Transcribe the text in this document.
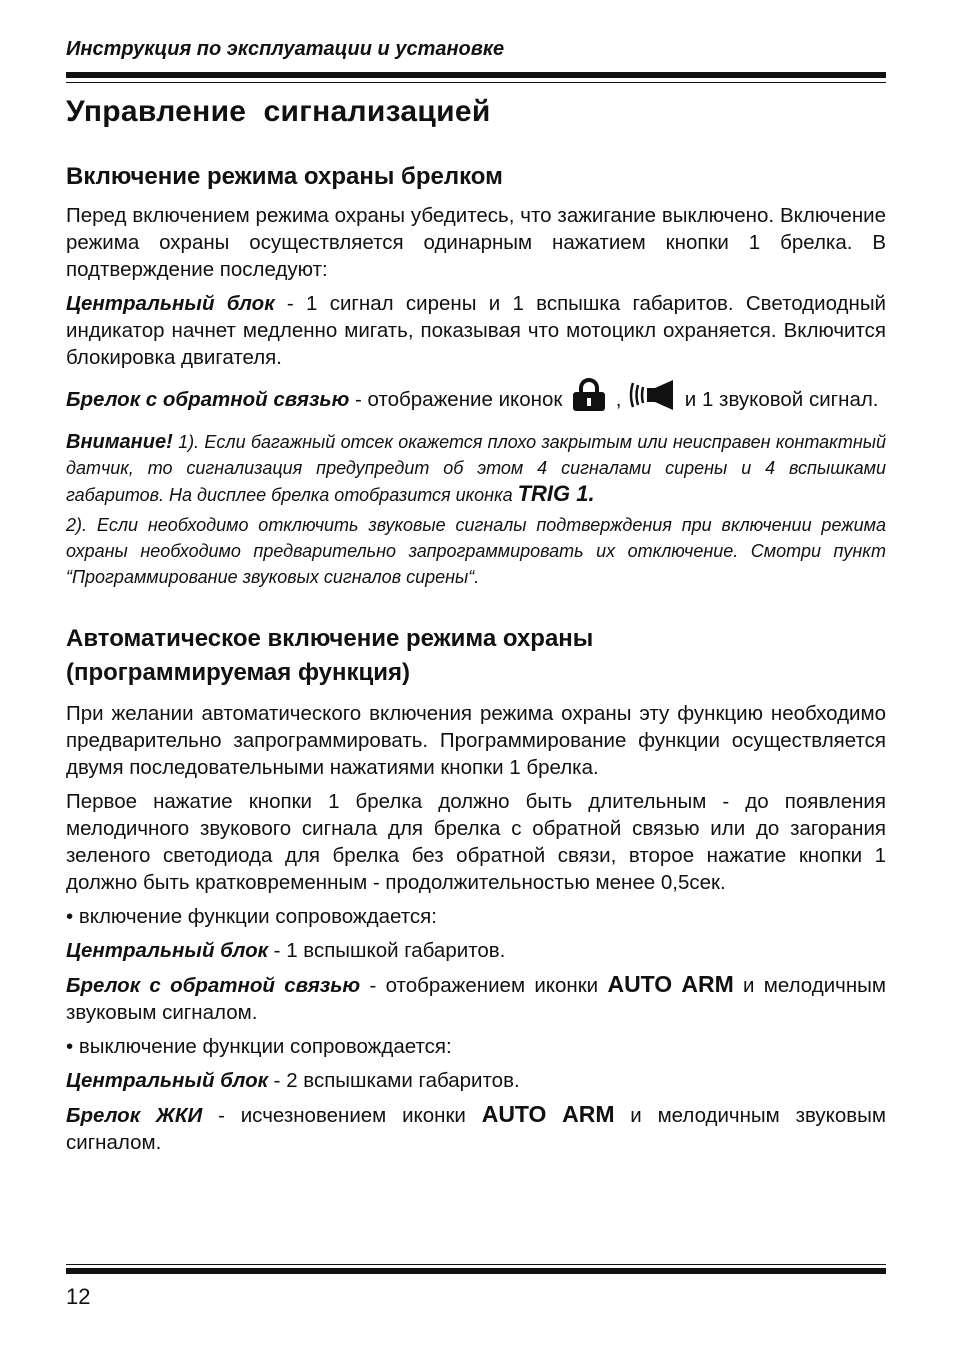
Инструкция по эксплуатации и установке
Управление  сигнализацией
Включение режима охраны брелком

Перед включением режима охраны убедитесь, что зажигание выключено. Включение режима охраны осуществляется одинарным нажатием кнопки 1 брелка. В подтверждение последуют:

Центральный блок - 1 сигнал сирены и 1 вспышка габаритов. Светодиодный индикатор начнет медленно мигать, показывая что мотоцикл охраняется. Включится блокировка двигателя.

Брелок с обратной связью - отображение иконок  ,	и 1 звуковой сигнал.

Внимание! 1). Если багажный отсек окажется плохо закрытым или неисправен контактный датчик, то сигнализация предупредит об этом 4 сигналами сирены и 4 вспышками габаритов. На дисплее брелка отобразится иконка TRIG 1.

2). Если необходимо отключить звуковые сигналы подтверждения при включении режима охраны необходимо предварительно запрограммировать их отключение. Смотри пункт “Программирование звуковых сигналов сирены“.

Автоматическое включение режима охраны
(программируемая функция)

При желании автоматического включения режима охраны эту функцию необходимо предварительно запрограммировать. Программирование функции осуществляется двумя последовательными нажатиями кнопки 1 брелка.

Первое нажатие кнопки 1 брелка должно быть длительным - до появления мелодичного звукового сигнала для брелка с обратной связью или до загорания зеленого светодиода для брелка без обратной связи, второе нажатие кнопки 1 должно быть кратковременным - продолжительностью менее 0,5сек.

• включение функции сопровождается:

Центральный блок - 1 вспышкой габаритов.

Брелок с обратной связью - отображением иконки AUTO ARM и мелодичным звуковым сигналом.

• выключение функции сопровождается:

Центральный блок - 2 вспышками габаритов.

Брелок ЖКИ - исчезновением иконки AUTO ARM и мелодичным звуковым сигналом.

12
